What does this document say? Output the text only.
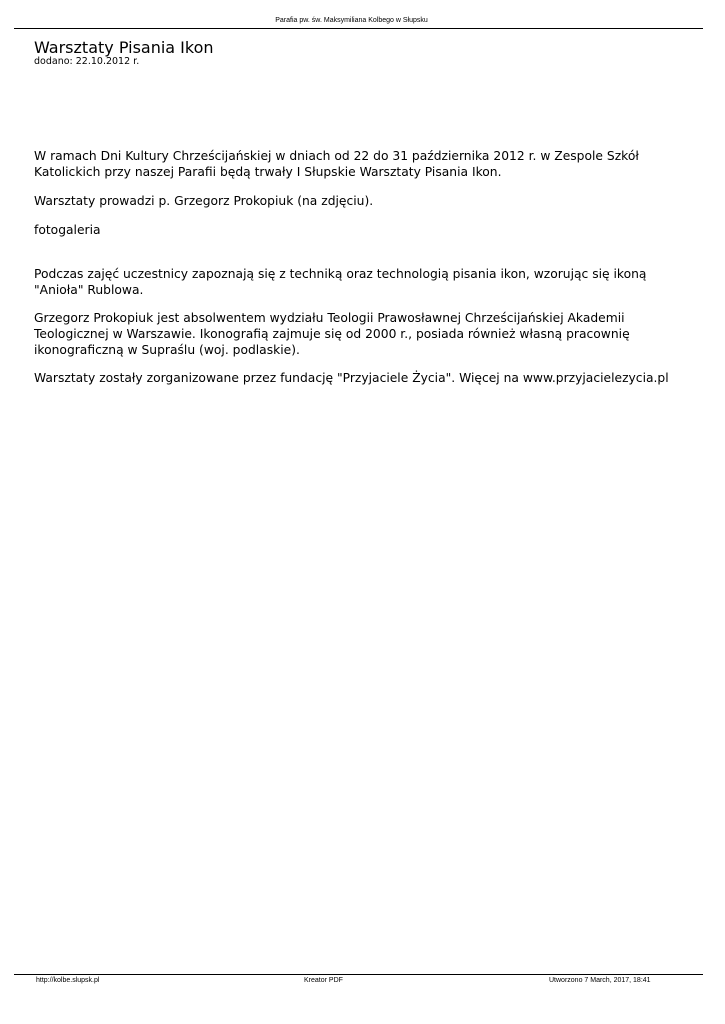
Parafia pw. św. Maksymiliana Kolbego w Słupsku
Warsztaty Pisania Ikon
dodano: 22.10.2012 r.

W ramach Dni Kultury Chrześcijańskiej w dniach od 22 do 31 października 2012 r. w Zespole Szkół
Katolickich przy naszej Parafii będą trwały I Słupskie Warsztaty Pisania Ikon.

Warsztaty prowadzi p. Grzegorz Prokopiuk (na zdjęciu).

fotogaleria

Podczas zajęć uczestnicy zapoznają się z techniką oraz technologią pisania ikon, wzorując się ikoną
"Anioła" Rublowa.

Grzegorz Prokopiuk jest absolwentem wydziału Teologii Prawosławnej Chrześcijańskiej Akademii
Teologicznej w Warszawie. Ikonografią zajmuje się od 2000 r., posiada również własną pracownię
ikonograficzną w Supraślu (woj. podlaskie).

Warsztaty zostały zorganizowane przez fundację "Przyjaciele Życia". Więcej na www.przyjacielezycia.pl

http://kolbe.slupsk.pl	Kreator PDF	Utworzono 7 March, 2017, 18:41
